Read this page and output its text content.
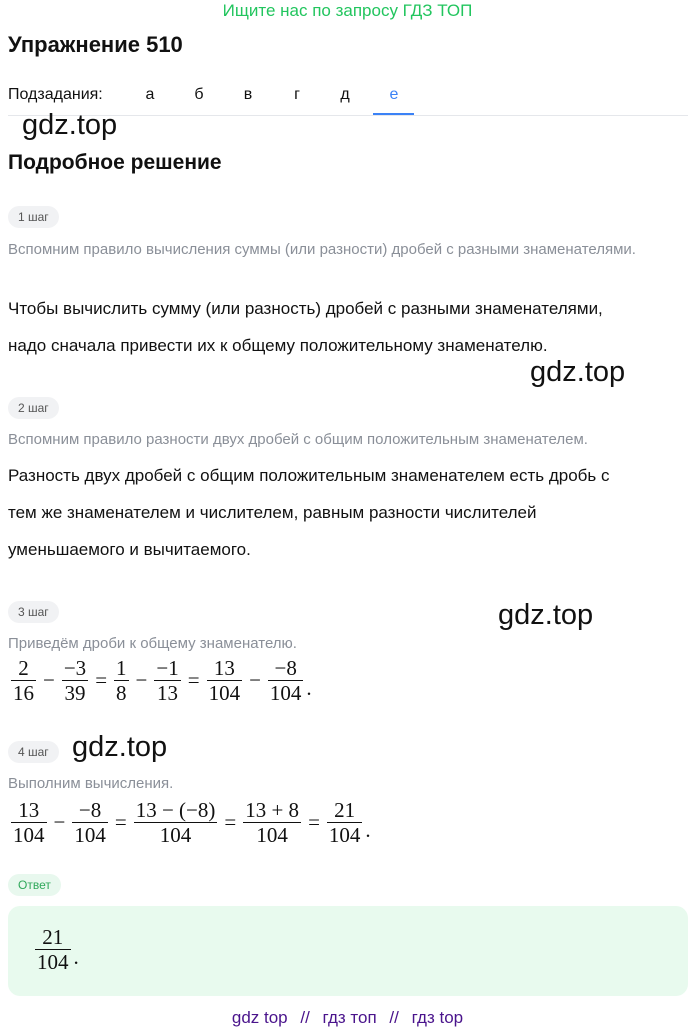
Ищите нас по запросу ГДЗ ТОП
Упражнение 510
Подзадания:	а	б	в	г	д	е
gdz.top
gdz.top
gdz.top
gdz.top
Подробное решение
1 шаг
Вспомним правило вычисления суммы (или разности) дробей с разными знаменателями.
Чтобы вычислить сумму (или разность) дробей с разными знаменателями,
надо сначала привести их к общему положительному знаменателю.
2 шаг
Вспомним правило разности двух дробей с общим положительным знаменателем.
Разность двух дробей с общим положительным знаменателем есть дробь с
тем же знаменателем и числителем, равным разности числителей
уменьшаемого и вычитаемого.
3 шаг
Приведём дроби к общему знаменателю.
$\frac{2}{16} - \frac{-3}{39} = \frac{1}{8} - \frac{-1}{13} = \frac{13}{104} - \frac{-8}{104}$ .
4 шаг
Выполним вычисления.
$\frac{13}{104} - \frac{-8}{104} = \frac{13 - (-8)}{104} = \frac{13 + 8}{104} = \frac{21}{104}$ .
Ответ
$\frac{21}{104}$ .
gdz top // гдз топ // гдз top
